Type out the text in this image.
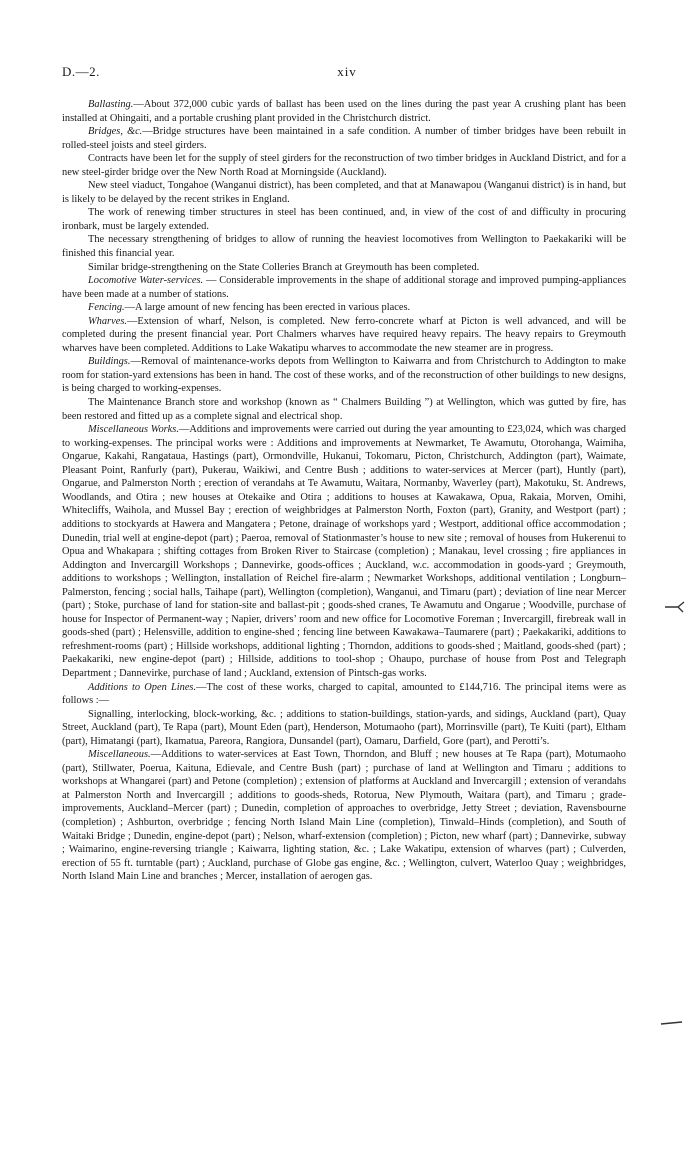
D.—2.	xiv

Ballasting.—About 372,000 cubic yards of ballast has been used on the lines during the past year A crushing plant has been installed at Ohingaiti, and a portable crushing plant provided in the Christchurch district.

Bridges, &c.—Bridge structures have been maintained in a safe condition. A number of timber bridges have been rebuilt in rolled-steel joists and steel girders.

Contracts have been let for the supply of steel girders for the reconstruction of two timber bridges in Auckland District, and for a new steel-girder bridge over the New North Road at Morningside (Auckland).

New steel viaduct, Tongahoe (Wanganui district), has been completed, and that at Manawapou (Wanganui district) is in hand, but is likely to be delayed by the recent strikes in England.

The work of renewing timber structures in steel has been continued, and, in view of the cost of and difficulty in procuring ironbark, must be largely extended.

The necessary strengthening of bridges to allow of running the heaviest locomotives from Wellington to Paekakariki will be finished this financial year.

Similar bridge-strengthening on the State Colleries Branch at Greymouth has been completed.

Locomotive Water-services. — Considerable improvements in the shape of additional storage and improved pumping-appliances have been made at a number of stations.

Fencing.—A large amount of new fencing has been erected in various places.

Wharves.—Extension of wharf, Nelson, is completed. New ferro-concrete wharf at Picton is well advanced, and will be completed during the present financial year. Port Chalmers wharves have required heavy repairs. The heavy repairs to Greymouth wharves have been completed. Additions to Lake Wakatipu wharves to accommodate the new steamer are in progress.

Buildings.—Removal of maintenance-works depots from Wellington to Kaiwarra and from Christchurch to Addington to make room for station-yard extensions has been in hand. The cost of these works, and of the reconstruction of other buildings to new designs, is being charged to working-expenses.

The Maintenance Branch store and workshop (known as “ Chalmers Building ”) at Wellington, which was gutted by fire, has been restored and fitted up as a complete signal and electrical shop.

Miscellaneous Works.—Additions and improvements were carried out during the year amounting to £23,024, which was charged to working-expenses. The principal works were : Additions and improvements at Newmarket, Te Awamutu, Otorohanga, Waimiha, Ongarue, Kakahi, Rangataua, Hastings (part), Ormondville, Hukanui, Tokomaru, Picton, Christchurch, Addington (part), Waimate, Pleasant Point, Ranfurly (part), Pukerau, Waikiwi, and Centre Bush ; additions to water-services at Mercer (part), Huntly (part), Ongarue, and Palmerston North ; erection of verandahs at Te Awamutu, Waitara, Normanby, Waverley (part), Makotuku, St. Andrews, Woodlands, and Otira ; new houses at Otekaike and Otira ; additions to houses at Kawakawa, Opua, Rakaia, Morven, Omihi, Whitecliffs, Waihola, and Mussel Bay ; erection of weighbridges at Palmerston North, Foxton (part), Granity, and Westport (part) ; additions to stockyards at Hawera and Mangatera ; Petone, drainage of workshops yard ; Westport, additional office accommodation ; Dunedin, trial well at engine-depot (part) ; Paeroa, removal of Stationmaster’s house to new site ; removal of houses from Hukerenui to Opua and Whakapara ; shifting cottages from Broken River to Staircase (completion) ; Manakau, level crossing ; fire appliances in Addington and Invercargill Workshops ; Dannevirke, goods-offices ; Auckland, w.c. accommodation in goods-yard ; Greymouth, additions to workshops ; Wellington, installation of Reichel fire-alarm ; Newmarket Workshops, additional ventilation ; Longburn–Palmerston, fencing ; social halls, Taihape (part), Wellington (completion), Wanganui, and Timaru (part) ; deviation of line near Mercer (part) ; Stoke, purchase of land for station-site and ballast-pit ; goods-shed cranes, Te Awamutu and Ongarue ; Woodville, purchase of house for Inspector of Permanent-way ; Napier, drivers’ room and new office for Locomotive Foreman ; Invercargill, firebreak wall in goods-shed (part) ; Helensville, addition to engine-shed ; fencing line between Kawakawa–Taumarere (part) ; Paekakariki, additions to refreshment-rooms (part) ; Hillside workshops, additional lighting ; Thorndon, additions to goods-shed ; Maitland, goods-shed (part) ; Paekakariki, new engine-depot (part) ; Hillside, additions to tool-shop ; Ohaupo, purchase of house from Post and Telegraph Department ; Dannevirke, purchase of land ; Auckland, extension of Pintsch-gas works.

Additions to Open Lines.—The cost of these works, charged to capital, amounted to £144,716. The principal items were as follows :—

Signalling, interlocking, block-working, &c. ; additions to station-buildings, station-yards, and sidings, Auckland (part), Quay Street, Auckland (part), Te Rapa (part), Mount Eden (part), Henderson, Motumaoho (part), Morrinsville (part), Te Kuiti (part), Eltham (part), Himatangi (part), Ikamatua, Pareora, Rangiora, Dunsandel (part), Oamaru, Darfield, Gore (part), and Perotti’s.

Miscellaneous.—Additions to water-services at East Town, Thorndon, and Bluff ; new houses at Te Rapa (part), Motumaoho (part), Stillwater, Poerua, Kaituna, Edievale, and Centre Bush (part) ; purchase of land at Wellington and Timaru ; additions to workshops at Whangarei (part) and Petone (completion) ; extension of platforms at Auckland and Invercargill ; extension of verandahs at Palmerston North and Invercargill ; additions to goods-sheds, Rotorua, New Plymouth, Waitara (part), and Timaru ; grade-improvements, Auckland–Mercer (part) ; Dunedin, completion of approaches to overbridge, Jetty Street ; deviation, Ravensbourne (completion) ; Ashburton, overbridge ; fencing North Island Main Line (completion), Tinwald–Hinds (completion), and South of Waitaki Bridge ; Dunedin, engine-depot (part) ; Nelson, wharf-extension (completion) ; Picton, new wharf (part) ; Dannevirke, subway ; Waimarino, engine-reversing triangle ; Kaiwarra, lighting station, &c. ; Lake Wakatipu, extension of wharves (part) ; Culverden, erection of 55 ft. turntable (part) ; Auckland, purchase of Globe gas engine, &c. ; Wellington, culvert, Waterloo Quay ; weighbridges, North Island Main Line and branches ; Mercer, installation of aerogen gas.
